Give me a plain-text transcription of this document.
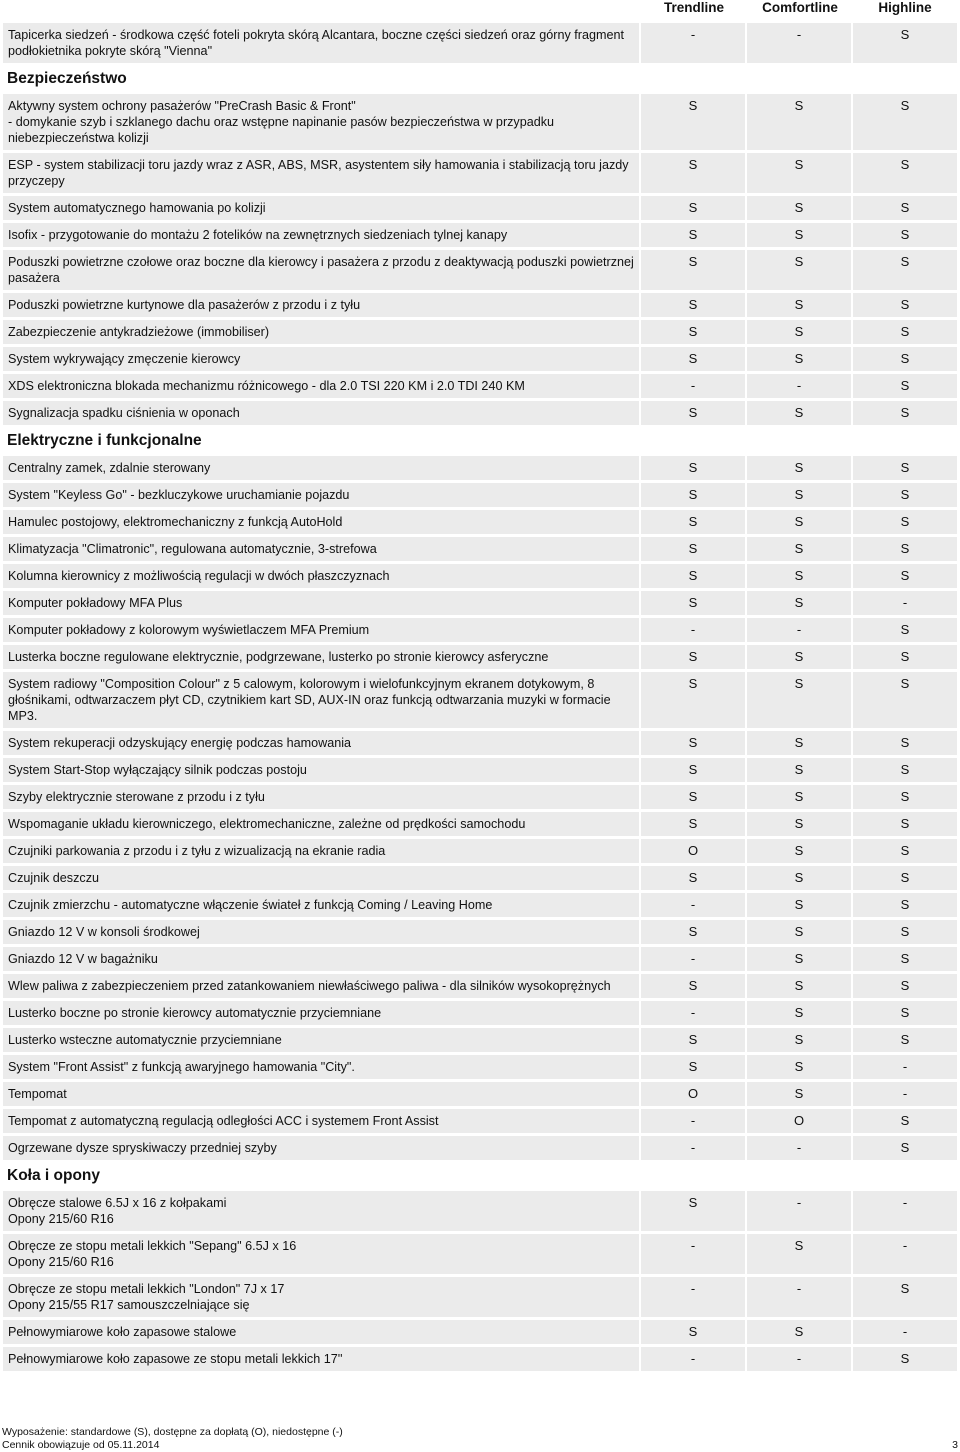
Trendline	Comfortline	Highline
Tapicerka siedzeń - środkowa część foteli pokryta skórą Alcantara, boczne części siedzeń oraz górny fragment podłokietnika pokryte skórą "Vienna"
-	-	S
Bezpieczeństwo
Aktywny system ochrony pasażerów "PreCrash Basic & Front"
- domykanie szyb i szklanego dachu oraz wstępne napinanie pasów bezpieczeństwa w przypadku niebezpieczeństwa kolizji
S	S	S
ESP - system stabilizacji toru jazdy wraz z ASR, ABS, MSR, asystentem siły hamowania i stabilizacją toru jazdy przyczepy
S	S	S
System automatycznego hamowania po kolizji	S	S	S
Isofix - przygotowanie do montażu 2 fotelików na zewnętrznych siedzeniach tylnej kanapy	S	S	S
Poduszki powietrzne czołowe oraz boczne dla kierowcy i pasażera z przodu z deaktywacją poduszki powietrznej pasażera
S	S	S
Poduszki powietrzne kurtynowe dla pasażerów z przodu i z tyłu	S	S	S
Zabezpieczenie antykradzieżowe (immobiliser)	S	S	S
System wykrywający zmęczenie kierowcy	S	S	S
XDS elektroniczna blokada mechanizmu różnicowego - dla 2.0 TSI 220 KM i 2.0 TDI 240 KM	-	-	S
Sygnalizacja spadku ciśnienia w oponach	S	S	S
Elektryczne i funkcjonalne
Centralny zamek, zdalnie sterowany	S	S	S
System "Keyless Go" - bezkluczykowe uruchamianie pojazdu	S	S	S
Hamulec postojowy, elektromechaniczny z funkcją AutoHold	S	S	S
Klimatyzacja "Climatronic", regulowana automatycznie, 3-strefowa	S	S	S
Kolumna kierownicy z możliwością regulacji w dwóch płaszczyznach	S	S	S
Komputer pokładowy MFA Plus	S	S	-
Komputer pokładowy z kolorowym wyświetlaczem MFA Premium	-	-	S
Lusterka boczne regulowane elektrycznie, podgrzewane, lusterko po stronie kierowcy asferyczne	S	S	S
System radiowy "Composition Colour" z 5 calowym, kolorowym i wielofunkcyjnym ekranem dotykowym, 8 głośnikami, odtwarzaczem płyt CD, czytnikiem kart SD, AUX-IN oraz funkcją odtwarzania muzyki w formacie MP3.
S	S	S
System rekuperacji odzyskujący energię podczas hamowania	S	S	S
System Start-Stop wyłączający silnik podczas postoju	S	S	S
Szyby elektrycznie sterowane z przodu i z tyłu	S	S	S
Wspomaganie układu kierowniczego, elektromechaniczne, zależne od prędkości samochodu	S	S	S
Czujniki parkowania z przodu i z tyłu z wizualizacją na ekranie radia	O	S	S
Czujnik deszczu	S	S	S
Czujnik zmierzchu - automatyczne włączenie świateł z funkcją Coming / Leaving Home	-	S	S
Gniazdo 12 V w konsoli środkowej	S	S	S
Gniazdo 12 V w bagażniku	-	S	S
Wlew paliwa z zabezpieczeniem przed zatankowaniem niewłaściwego paliwa - dla silników wysokoprężnych	S	S	S
Lusterko boczne po stronie kierowcy automatycznie przyciemniane	-	S	S
Lusterko wsteczne automatycznie przyciemniane	S	S	S
System "Front Assist" z funkcją awaryjnego hamowania "City".	S	S	-
Tempomat	O	S	-
Tempomat z automatyczną regulacją odległości ACC i systemem Front Assist	-	O	S
Ogrzewane dysze spryskiwaczy przedniej szyby	-	-	S
Koła i opony
Obręcze stalowe 6.5J x 16 z kołpakami
Opony 215/60 R16
S	-	-
Obręcze ze stopu metali lekkich "Sepang" 6.5J x 16
Opony 215/60 R16
-	S	-
Obręcze ze stopu metali lekkich "London" 7J x 17
Opony 215/55 R17 samouszczelniające się
-	-	S
Pełnowymiarowe koło zapasowe stalowe	S	S	-
Pełnowymiarowe koło zapasowe ze stopu metali lekkich 17''	-	-	S
Wyposażenie: standardowe (S), dostępne za dopłatą (O), niedostępne (-)
Cennik obowiązuje od 05.11.2014	3
